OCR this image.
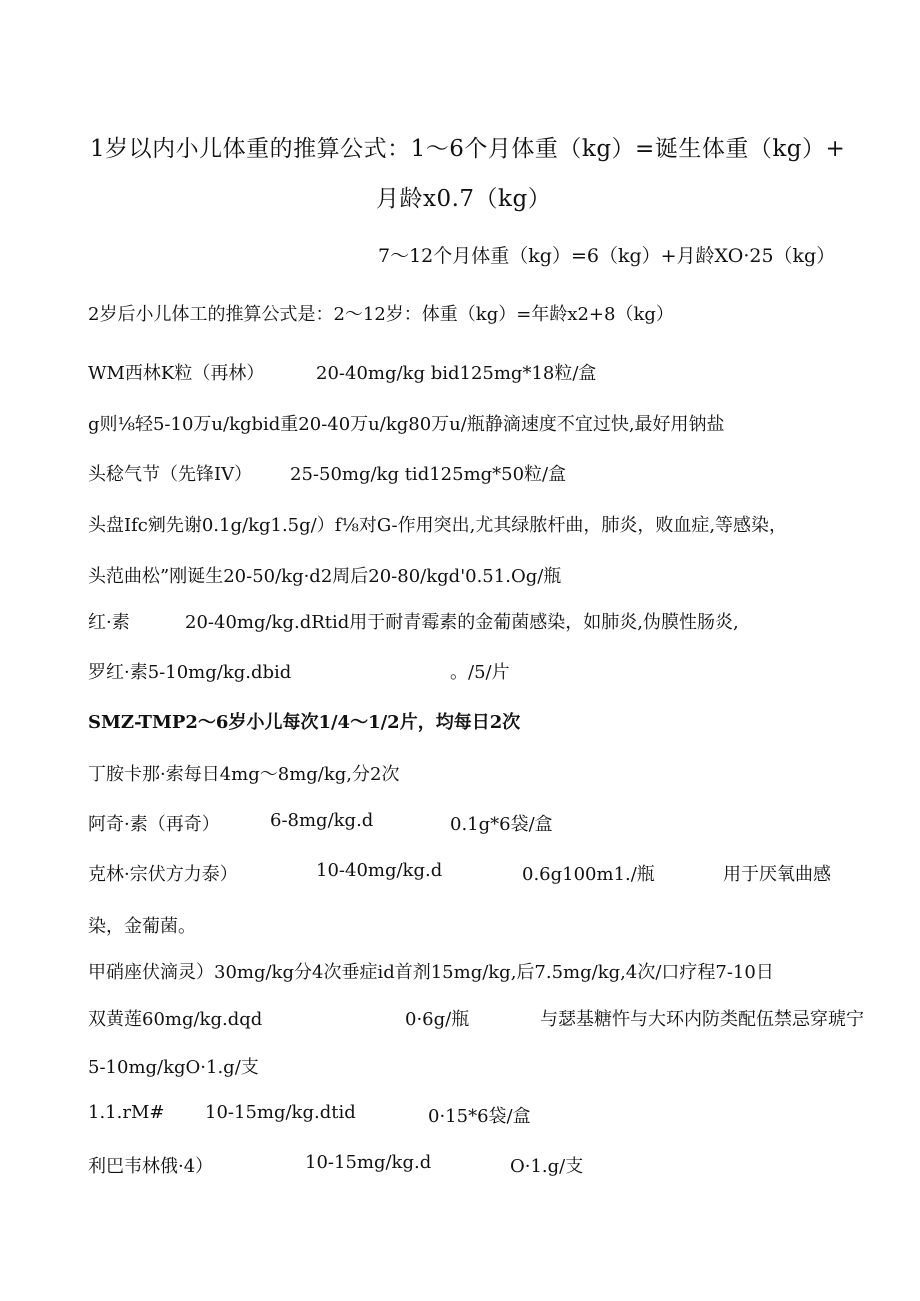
1岁以内小儿体重的推算公式：1～6个月体重（kg）=诞生体重（kg）+
月龄x0.7（kg）
7～12个月体重（kg）=6（kg）+月龄XO·25（kg）
2岁后小儿体工的推算公式是：2～12岁：体重（kg）=年龄x2+8（kg）
WM西林K粒（再林）	20-40mg/kg bid125mg*18粒/盒
g则⅛轻5-10万u/kgbid重20-40万u/kg80万u/瓶静滴速度不宜过快,最好用钠盐
头稔气节（先锋IV） 25-50mg/kg tid125mg*50粒/盒
头盘Ifc剜先谢0.1g/kg1.5g/）f⅛对G-作用突出,尤其绿脓杆曲，肺炎，败血症,等感染，
头范曲松”刚诞生20-50/kg·d2周后20-80/kgd'0.51.Og/瓶
红·素	20-40mg/kg.dRtid用于耐青霉素的金葡菌感染，如肺炎,伪膜性肠炎,
罗红·素5-10mg/kg.dbid	。/5/片
SMZ-TMP2～6岁小儿每次1/4～1/2片，均每日2次
丁胺卡那·索每日4mg～8mg/kg,分2次
阿奇·素（再奇）	6-8mg/kg.d	0.1g*6袋/盒
克林·宗伏方力泰）	10-40mg/kg.d	0.6g100m1./瓶	用于厌氧曲感
染，金葡菌。
甲硝座伏滴灵）30mg/kg分4次垂症id首剂15mg/kg,后7.5mg/kg,4次/口疗程7-10日
双黄莲60mg/kg.dqd	0·6g/瓶	与瑟基糖忤与大环内防类配伍禁忌穿琥宁
5-10mg/kgO·1.g/支
1.1.rM# 10-15mg/kg.dtid	0·15*6袋/盒
利巴韦林俄·4）	10-15mg/kg.d	O·1.g/支
